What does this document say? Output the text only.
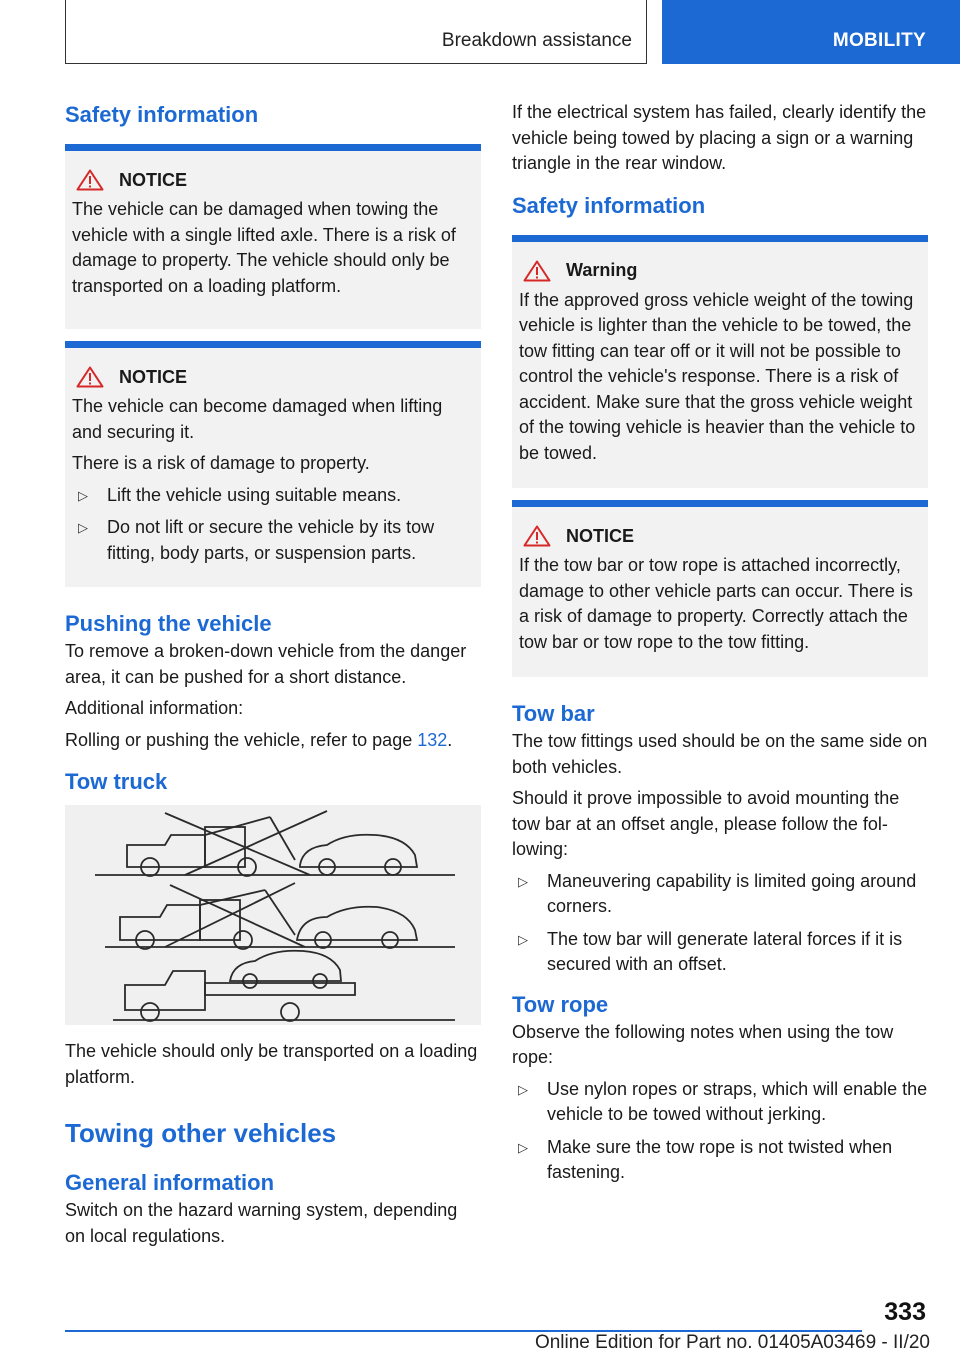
Breakdown assistance	MOBILITY
Safety information
NOTICE

The vehicle can be damaged when towing the vehicle with a single lifted axle. There is a risk of damage to property. The vehicle should only be transported on a loading platform.

NOTICE

The vehicle can become damaged when lifting and securing it.

There is a risk of damage to property.

▷ Lift the vehicle using suitable means.
▷ Do not lift or secure the vehicle by its tow fitting, body parts, or suspension parts.
Pushing the vehicle

To remove a broken-down vehicle from the danger area, it can be pushed for a short distance.

Additional information:

Rolling or pushing the vehicle, refer to page 132.

Tow truck

The vehicle should only be transported on a loading platform.

Towing other vehicles
General information

Switch on the hazard warning system, depending on local regulations.

If the electrical system has failed, clearly identify the vehicle being towed by placing a sign or a warning triangle in the rear window.

Safety information
Warning

If the approved gross vehicle weight of the towing vehicle is lighter than the vehicle to be towed, the tow fitting can tear off or it will not be possible to control the vehicle's response. There is a risk of accident. Make sure that the gross vehicle weight of the towing vehicle is heavier than the vehicle to be towed.

NOTICE

If the tow bar or tow rope is attached incorrectly, damage to other vehicle parts can occur. There is a risk of damage to property. Correctly attach the tow bar or tow rope to the tow fitting.

Tow bar

The tow fittings used should be on the same side on both vehicles.

Should it prove impossible to avoid mounting the tow bar at an offset angle, please follow the following:

▷ Maneuvering capability is limited going around corners.
▷ The tow bar will generate lateral forces if it is secured with an offset.
Tow rope

Observe the following notes when using the tow rope:

▷ Use nylon ropes or straps, which will enable the vehicle to be towed without jerking.
▷ Make sure the tow rope is not twisted when fastening.
333
Online Edition for Part no. 01405A03469 - II/20
